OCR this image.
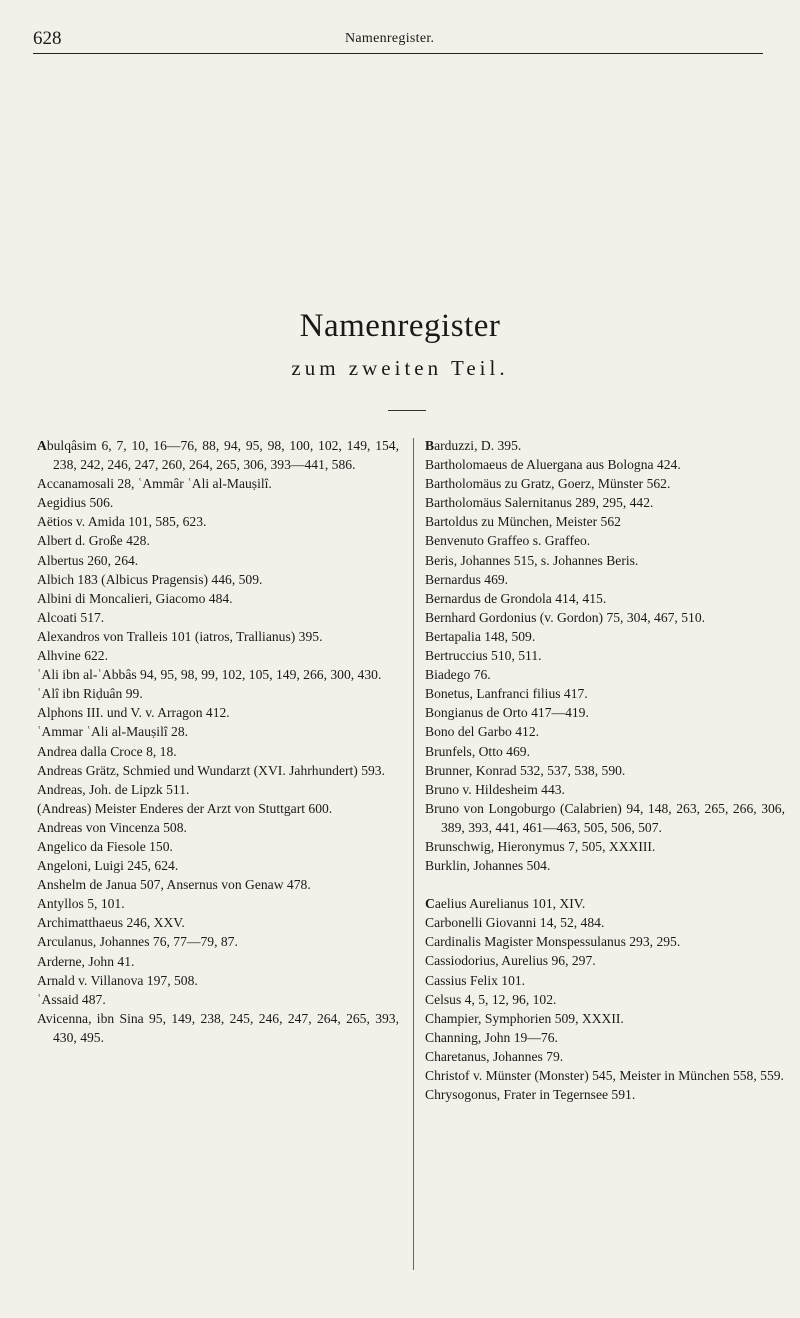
628	Namenregister.
Namenregister
zum zweiten Teil.
Abulqâsim 6, 7, 10, 16—76, 88, 94, 95, 98, 100, 102, 149, 154, 238, 242, 246, 247, 260, 264, 265, 306, 393—441, 586.
Accanamosali 28, ʿAmmâr ʿAli al-Mauṣilî.
Aegidius 506.
Aëtios v. Amida 101, 585, 623.
Albert d. Große 428.
Albertus 260, 264.
Albich 183 (Albicus Pragensis) 446, 509.
Albini di Moncalieri, Giacomo 484.
Alcoati 517.
Alexandros von Tralleis 101 (iatros, Trallianus) 395.
Alhvine 622.
ʿAli ibn al-ʿAbbâs 94, 95, 98, 99, 102, 105, 149, 266, 300, 430.
ʿAlî ibn Riḍuân 99.
Alphons III. und V. v. Arragon 412.
ʿAmmar ʿAli al-Mauṣilî 28.
Andrea dalla Croce 8, 18.
Andreas Grätz, Schmied und Wundarzt (XVI. Jahrhundert) 593.
Andreas, Joh. de Lipzk 511.
(Andreas) Meister Enderes der Arzt von Stuttgart 600.
Andreas von Vincenza 508.
Angelico da Fiesole 150.
Angeloni, Luigi 245, 624.
Anshelm de Janua 507, Ansernus von Genaw 478.
Antyllos 5, 101.
Archimatthaeus 246, XXV.
Arculanus, Johannes 76, 77—79, 87.
Arderne, John 41.
Arnald v. Villanova 197, 508.
ʿAssaid 487.
Avicenna, ibn Sina 95, 149, 238, 245, 246, 247, 264, 265, 393, 430, 495.
Barduzzi, D. 395.
Bartholomaeus de Aluergana aus Bologna 424.
Bartholomäus zu Gratz, Goerz, Münster 562.
Bartholomäus Salernitanus 289, 295, 442.
Bartoldus zu München, Meister 562
Benvenuto Graffeo s. Graffeo.
Beris, Johannes 515, s. Johannes Beris.
Bernardus 469.
Bernardus de Grondola 414, 415.
Bernhard Gordonius (v. Gordon) 75, 304, 467, 510.
Bertapalia 148, 509.
Bertruccius 510, 511.
Biadego 76.
Bonetus, Lanfranci filius 417.
Bongianus de Orto 417—419.
Bono del Garbo 412.
Brunfels, Otto 469.
Brunner, Konrad 532, 537, 538, 590.
Bruno v. Hildesheim 443.
Bruno von Longoburgo (Calabrien) 94, 148, 263, 265, 266, 306, 389, 393, 441, 461—463, 505, 506, 507.
Brunschwig, Hieronymus 7, 505, XXXIII.
Burklin, Johannes 504.
Caelius Aurelianus 101, XIV.
Carbonelli Giovanni 14, 52, 484.
Cardinalis Magister Monspessulanus 293, 295.
Cassiodorius, Aurelius 96, 297.
Cassius Felix 101.
Celsus 4, 5, 12, 96, 102.
Champier, Symphorien 509, XXXII.
Channing, John 19—76.
Charetanus, Johannes 79.
Christof v. Münster (Monster) 545, Meister in München 558, 559.
Chrysogonus, Frater in Tegernsee 591.
